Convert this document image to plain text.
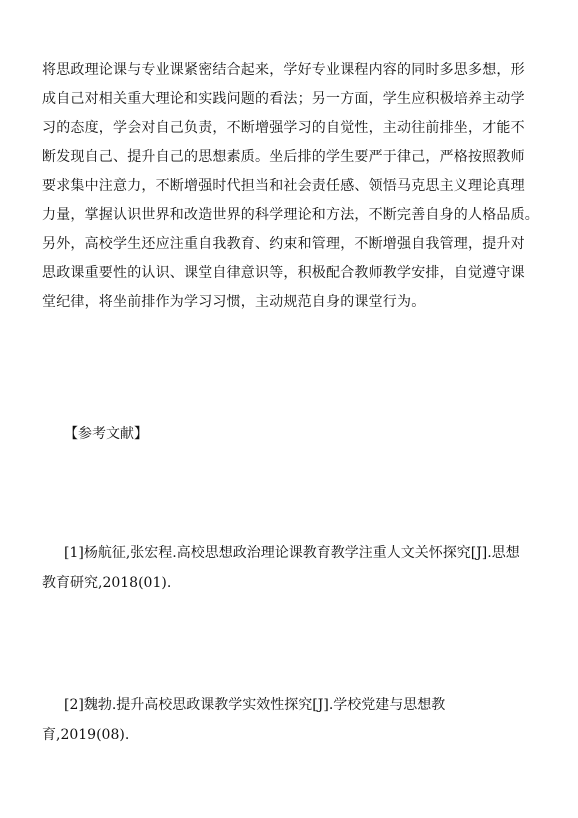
将思政理论课与专业课紧密结合起来，学好专业课程内容的同时多思多想，形
成自己对相关重大理论和实践问题的看法；另一方面，学生应积极培养主动学
习的态度，学会对自己负责，不断增强学习的自觉性，主动往前排坐，才能不
断发现自己、提升自己的思想素质。坐后排的学生要严于律己，严格按照教师
要求集中注意力，不断增强时代担当和社会责任感、领悟马克思主义理论真理
力量，掌握认识世界和改造世界的科学理论和方法，不断完善自身的人格品质。
另外，高校学生还应注重自我教育、约束和管理，不断增强自我管理，提升对
思政课重要性的认识、课堂自律意识等，积极配合教师教学安排，自觉遵守课
堂纪律，将坐前排作为学习习惯，主动规范自身的课堂行为。
【参考文献】
[1]杨航征,张宏程.高校思想政治理论课教育教学注重人文关怀探究[J].思想
教育研究,2018(01).
[2]魏勃.提升高校思政课教学实效性探究[J].学校党建与思想教
育,2019(08).
